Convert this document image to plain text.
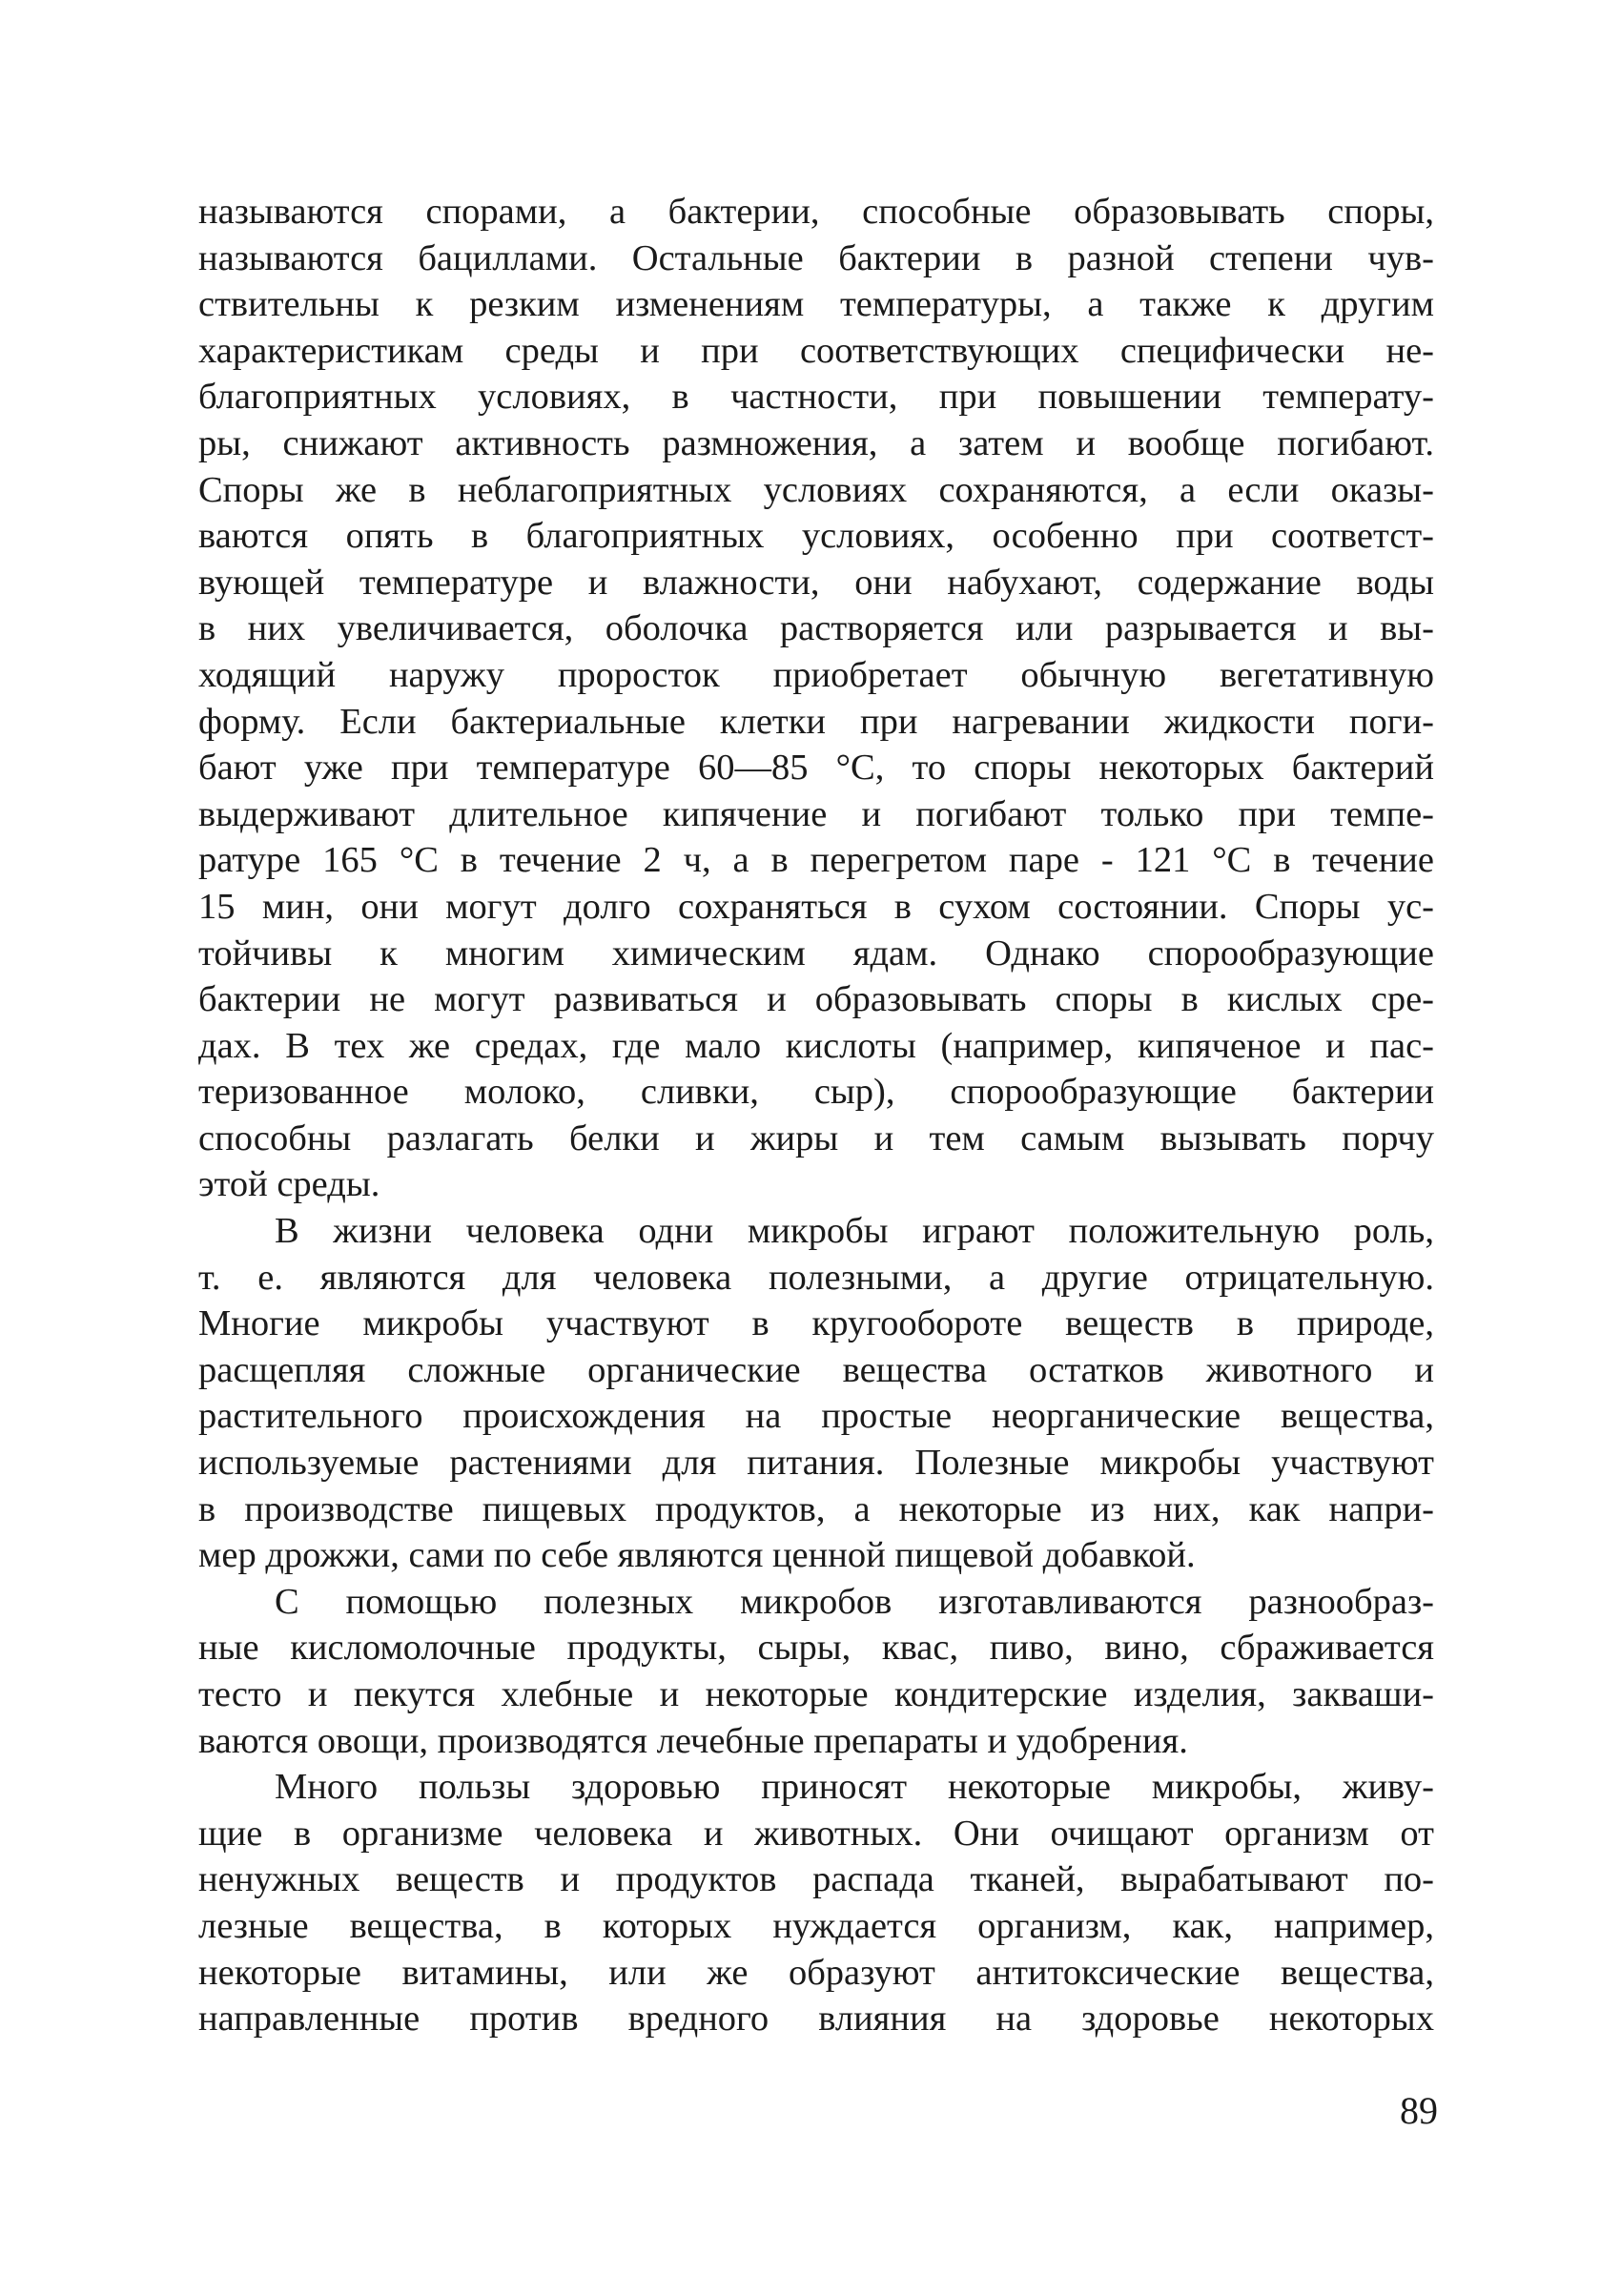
называются спорами, а бактерии, способные образовывать споры,
называются бациллами. Остальные бактерии в разной степени чув-
ствительны к резким изменениям температуры, а также к другим
характеристикам среды и при соответствующих специфически не-
благоприятных условиях, в частности, при повышении температу-
ры, снижают активность размножения, а затем и вообще погибают.
Споры же в неблагоприятных условиях сохраняются, а если оказы-
ваются опять в благоприятных условиях, особенно при соответст-
вующей температуре и влажности, они набухают, содержание воды
в них увеличивается, оболочка растворяется или разрывается и вы-
ходящий наружу проросток приобретает обычную вегетативную
форму. Если бактериальные клетки при нагревании жидкости поги-
бают уже при температуре 60—85 °С, то споры некоторых бактерий
выдерживают длительное кипячение и погибают только при темпе-
ратуре 165 °С в течение 2 ч, а в перегретом паре - 121 °С в течение
15 мин, они могут долго сохраняться в сухом состоянии. Споры ус-
тойчивы к многим химическим ядам. Однако спорообразующие
бактерии не могут развиваться и образовывать споры в кислых сре-
дах. В тех же средах, где мало кислоты (например, кипяченое и пас-
теризованное молоко, сливки, сыр), спорообразующие бактерии
способны разлагать белки и жиры и тем самым вызывать порчу
этой среды.
В жизни человека одни микробы играют положительную роль,
т. е. являются для человека полезными, а другие отрицательную.
Многие микробы участвуют в кругообороте веществ в природе,
расщепляя сложные органические вещества остатков животного и
растительного происхождения на простые неорганические вещества,
используемые растениями для питания. Полезные микробы участвуют
в производстве пищевых продуктов, а некоторые из них, как напри-
мер дрожжи, сами по себе являются ценной пищевой добавкой.
С помощью полезных микробов изготавливаются разнообраз-
ные кисломолочные продукты, сыры, квас, пиво, вино, сбраживается
тесто и пекутся хлебные и некоторые кондитерские изделия, закваши-
ваются овощи, производятся лечебные препараты и удобрения.
Много пользы здоровью приносят некоторые микробы, живу-
щие в организме человека и животных. Они очищают организм от
ненужных веществ и продуктов распада тканей, вырабатывают по-
лезные вещества, в которых нуждается организм, как, например,
некоторые витамины, или же образуют антитоксические вещества,
направленные против вредного влияния на здоровье некоторых
89
